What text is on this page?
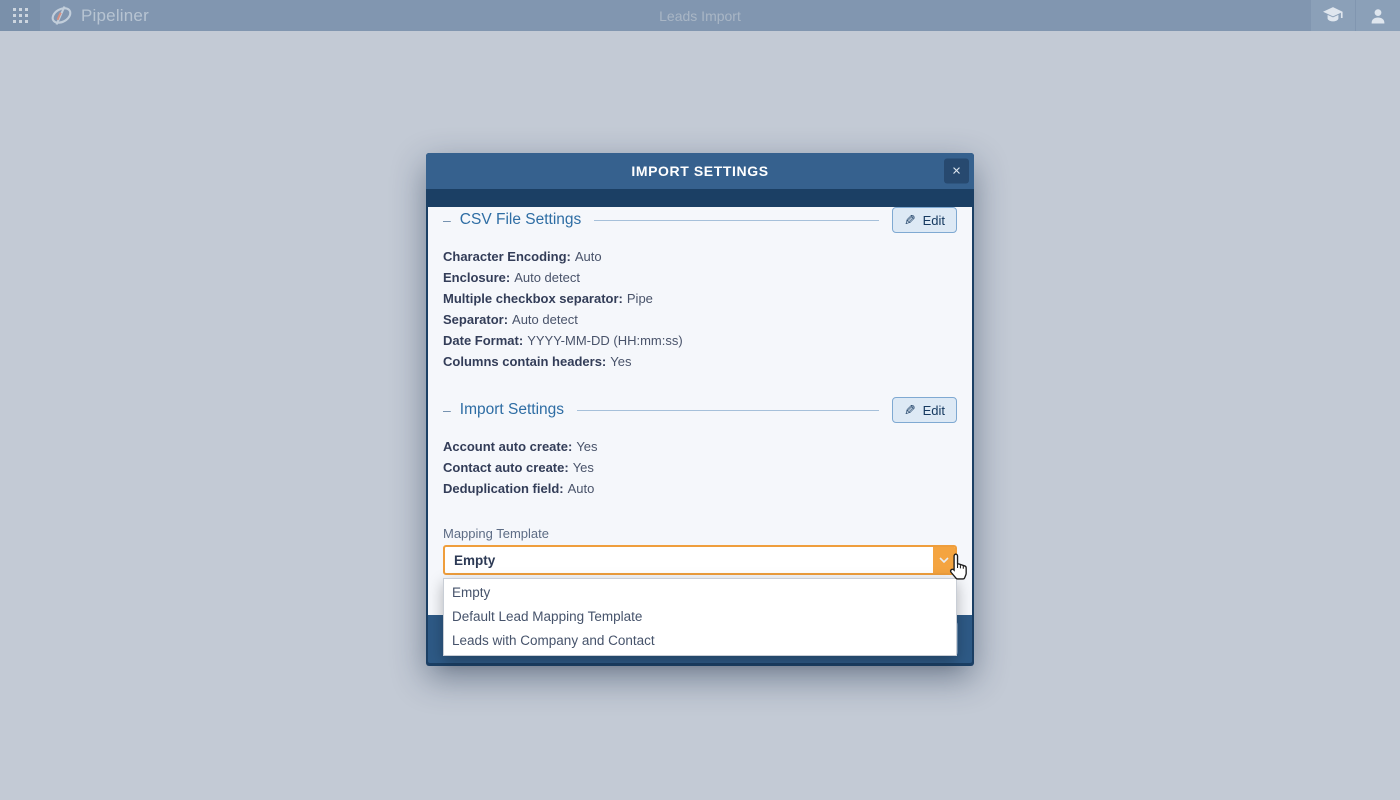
Pipeliner	Leads Import
IMPORT SETTINGS	×
– CSV File Settings	✎ Edit
Character Encoding: Auto
Enclosure: Auto detect
Multiple checkbox separator: Pipe
Separator: Auto detect
Date Format: YYYY-MM-DD (HH:mm:ss)
Columns contain headers: Yes
– Import Settings	✎ Edit
Account auto create: Yes
Contact auto create: Yes
Deduplication field: Auto
Mapping Template
Empty
Empty
Default Lead Mapping Template
Leads with Company and Contact
